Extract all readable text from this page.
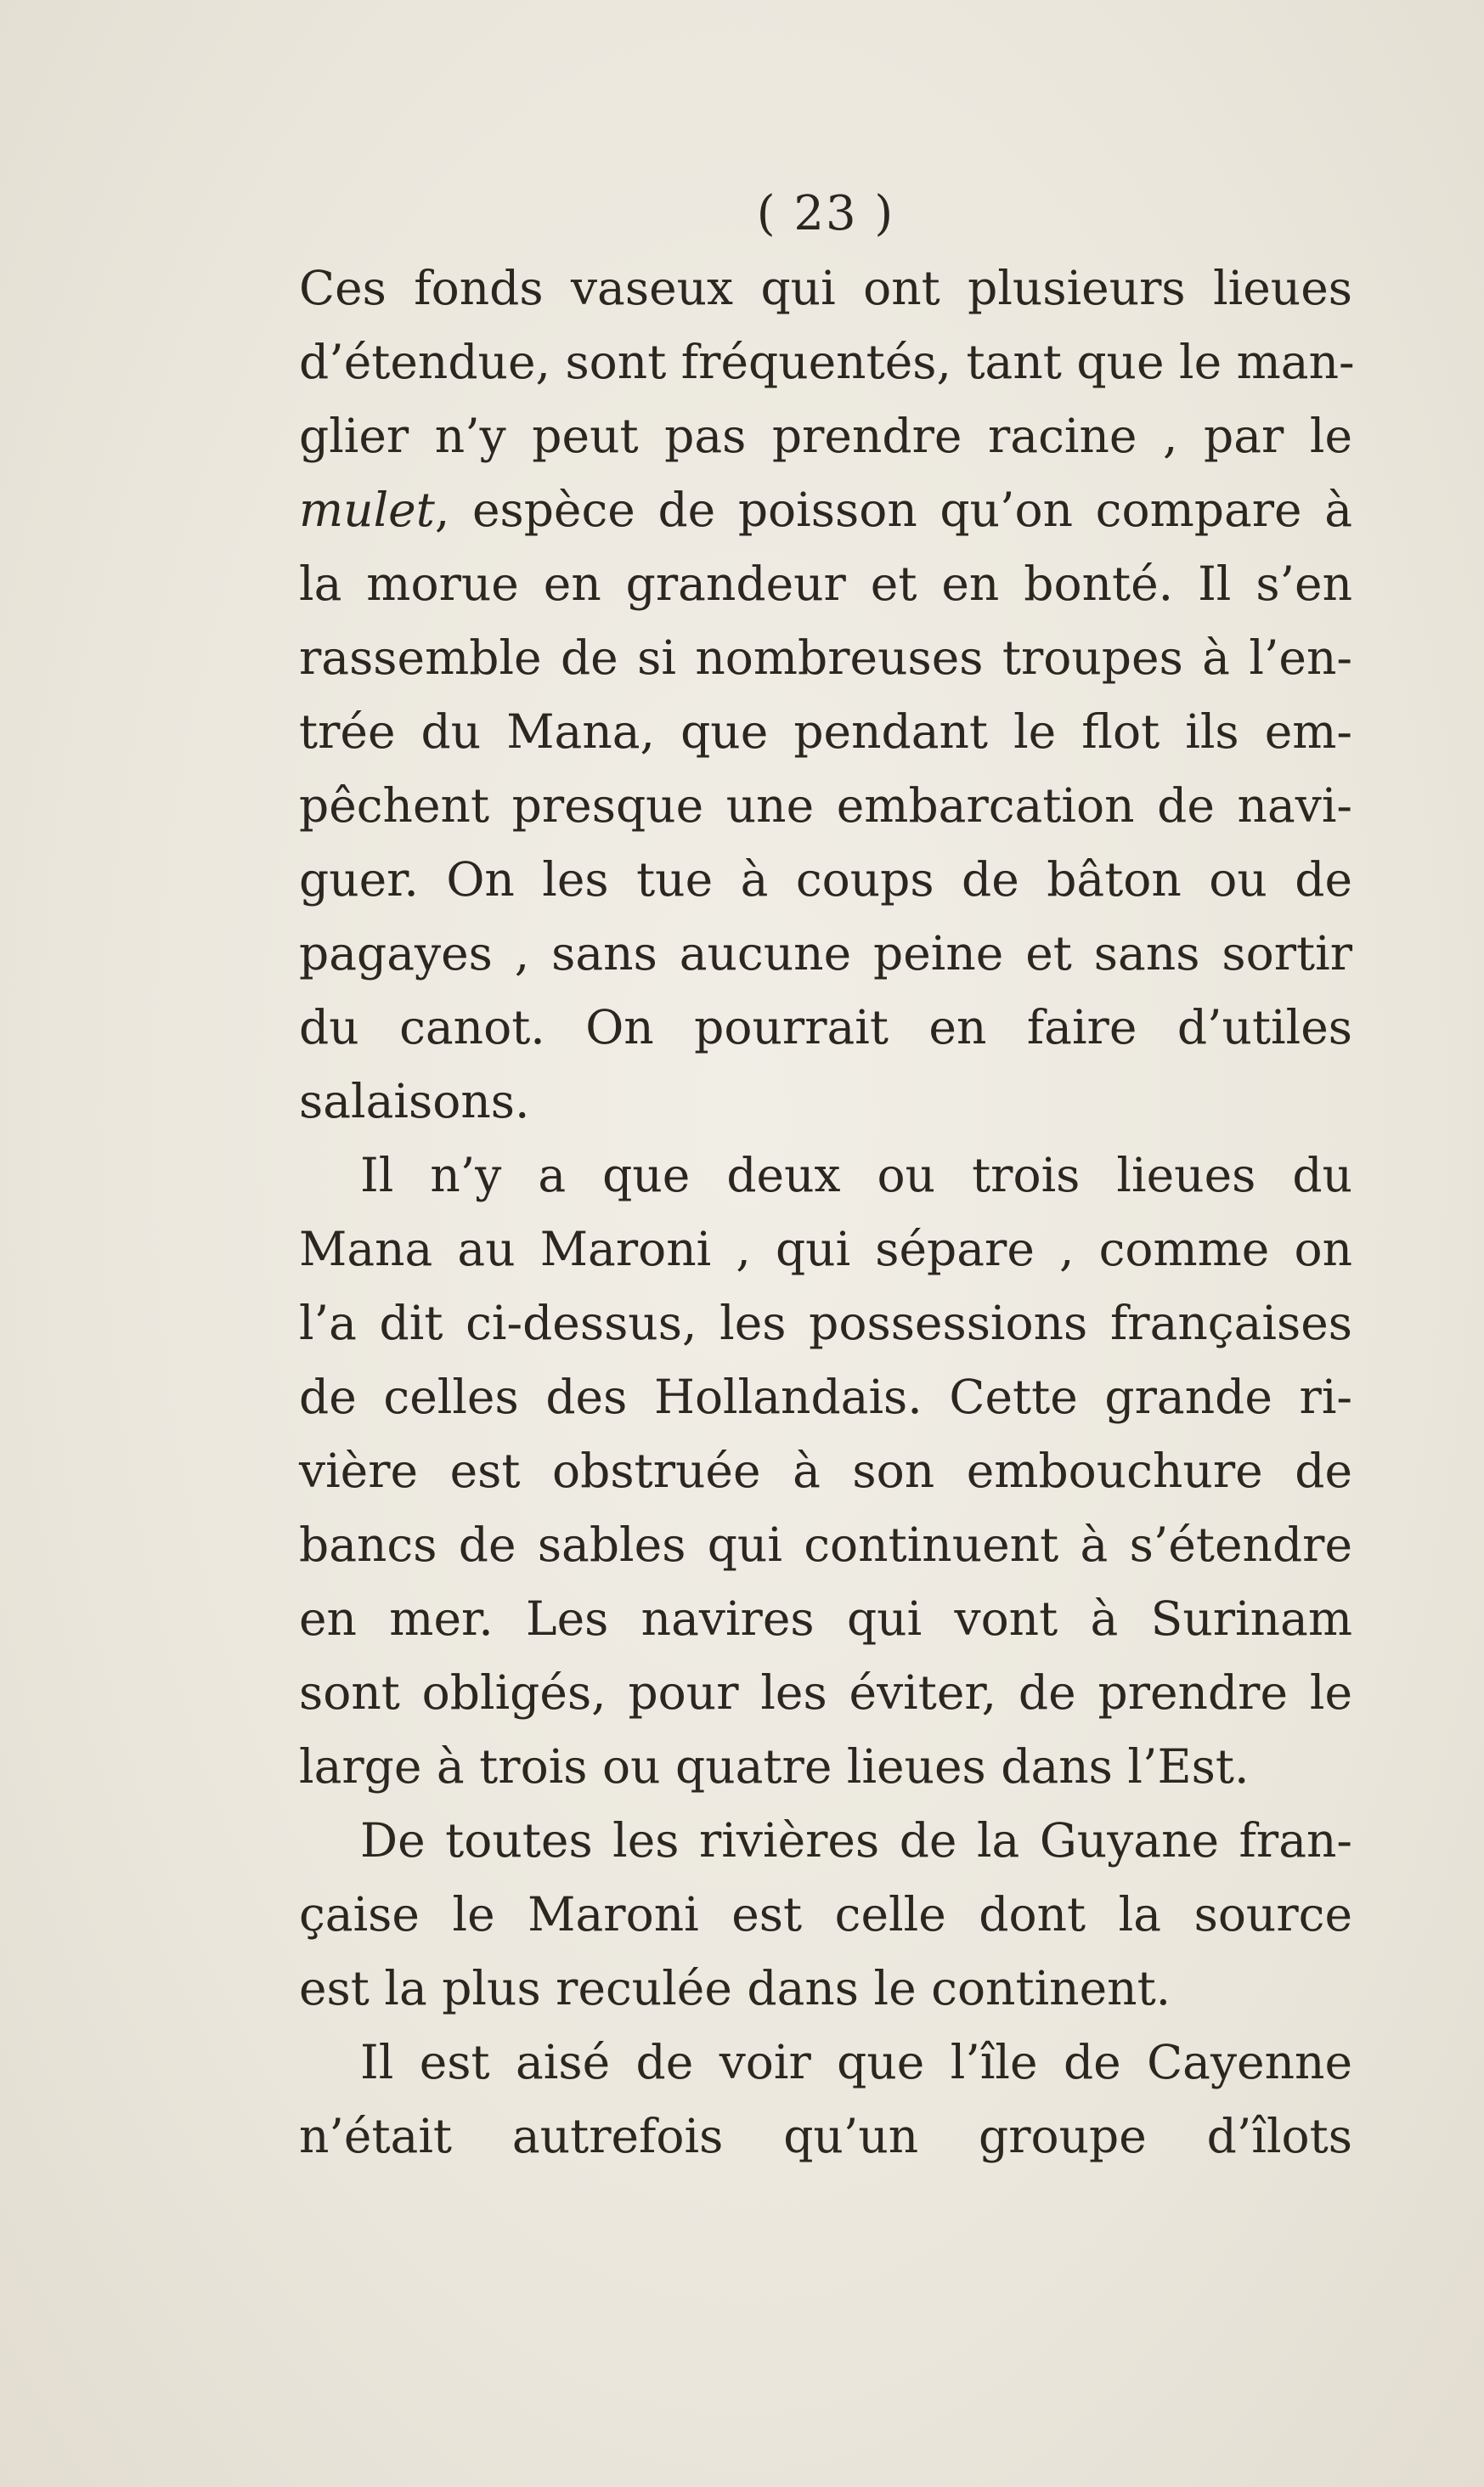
( 23 )
Ces fonds vaseux qui ont plusieurs lieues
d’étendue, sont fréquentés, tant que le man-
glier n’y peut pas prendre racine , par le
mulet, espèce de poisson qu’on compare à
la morue en grandeur et en bonté. Il s’en
rassemble de si nombreuses troupes à l’en-
trée du Mana, que pendant le flot ils em-
pêchent presque une embarcation de navi-
guer. On les tue à coups de bâton ou de
pagayes , sans aucune peine et sans sortir
du canot. On pourrait en faire d’utiles
salaisons.
Il n’y a que deux ou trois lieues du
Mana au Maroni , qui sépare , comme on
l’a dit ci-dessus, les possessions françaises
de celles des Hollandais. Cette grande ri-
vière est obstruée à son embouchure de
bancs de sables qui continuent à s’étendre
en mer. Les navires qui vont à Surinam
sont obligés, pour les éviter, de prendre le
large à trois ou quatre lieues dans l’Est.
De toutes les rivières de la Guyane fran-
çaise le Maroni est celle dont la source
est la plus reculée dans le continent.
Il est aisé de voir que l’île de Cayenne
n’était autrefois qu’un groupe d’îlots
